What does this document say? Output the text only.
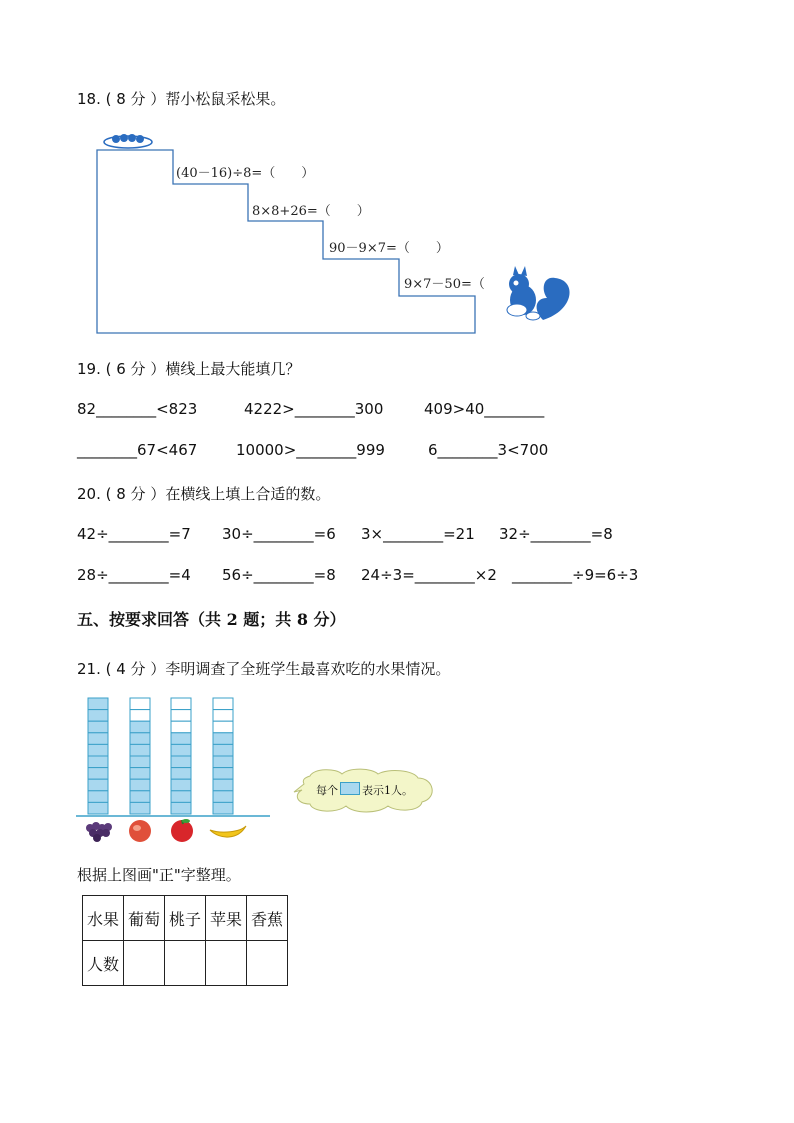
18. ( 8 分 ）帮小松鼠采松果。
(40－16)÷8=（　　）
8×8+26=（　　）
90－9×7=（　　）
9×7－50=（
19. ( 6 分 ）横线上最大能填几？
82________<823	4222>________300	409>40________
________67<467	10000>________999	6________3<700
20. ( 8 分 ）在横线上填上合适的数。
42÷________=7 30÷________=6 3×________=21 32÷________=8
28÷________=4 56÷________=8 24÷3=________×2 ________÷9=6÷3
五、按要求回答（共 2 题；共 8 分）
21. ( 4 分 ）李明调查了全班学生最喜欢吃的水果情况。
每个 表示1人。
根据上图画"正"字整理。
水果	葡萄	桃子	苹果	香蕉
人数				
